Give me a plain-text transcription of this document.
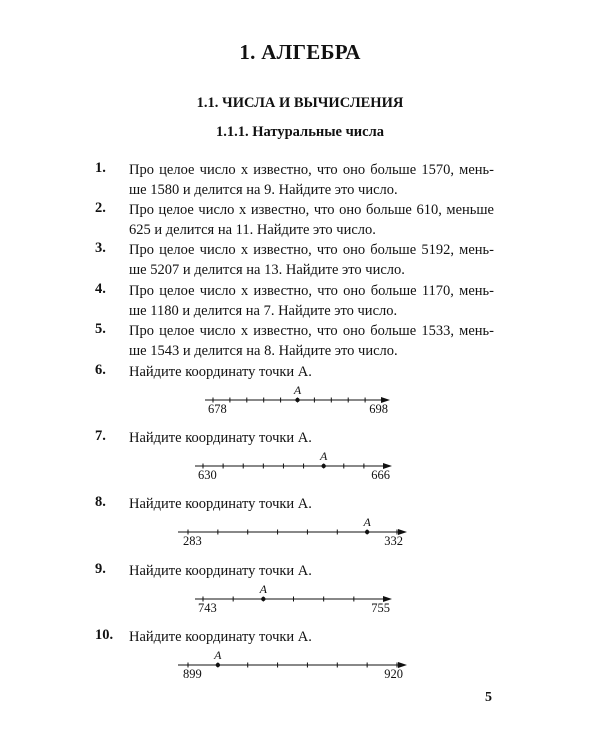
1. АЛГЕБРА
1.1. ЧИСЛА И ВЫЧИСЛЕНИЯ
1.1.1. Натуральные числа
1. Про целое число x известно, что оно больше 1570, мень-
ше 1580 и делится на 9. Найдите это число.
2. Про целое число x известно, что оно больше 610, меньше
625 и делится на 11. Найдите это число.
3. Про целое число x известно, что оно больше 5192, мень-
ше 5207 и делится на 13. Найдите это число.
4. Про целое число x известно, что оно больше 1170, мень-
ше 1180 и делится на 7. Найдите это число.
5. Про целое число x известно, что оно больше 1533, мень-
ше 1543 и делится на 8. Найдите это число.
6. Найдите координату точки A.
A
678	698
7. Найдите координату точки A.
A
630	666
8. Найдите координату точки A.
A
283	332
9. Найдите координату точки A.
A
743	755
10. Найдите координату точки A.
A
899	920
5
